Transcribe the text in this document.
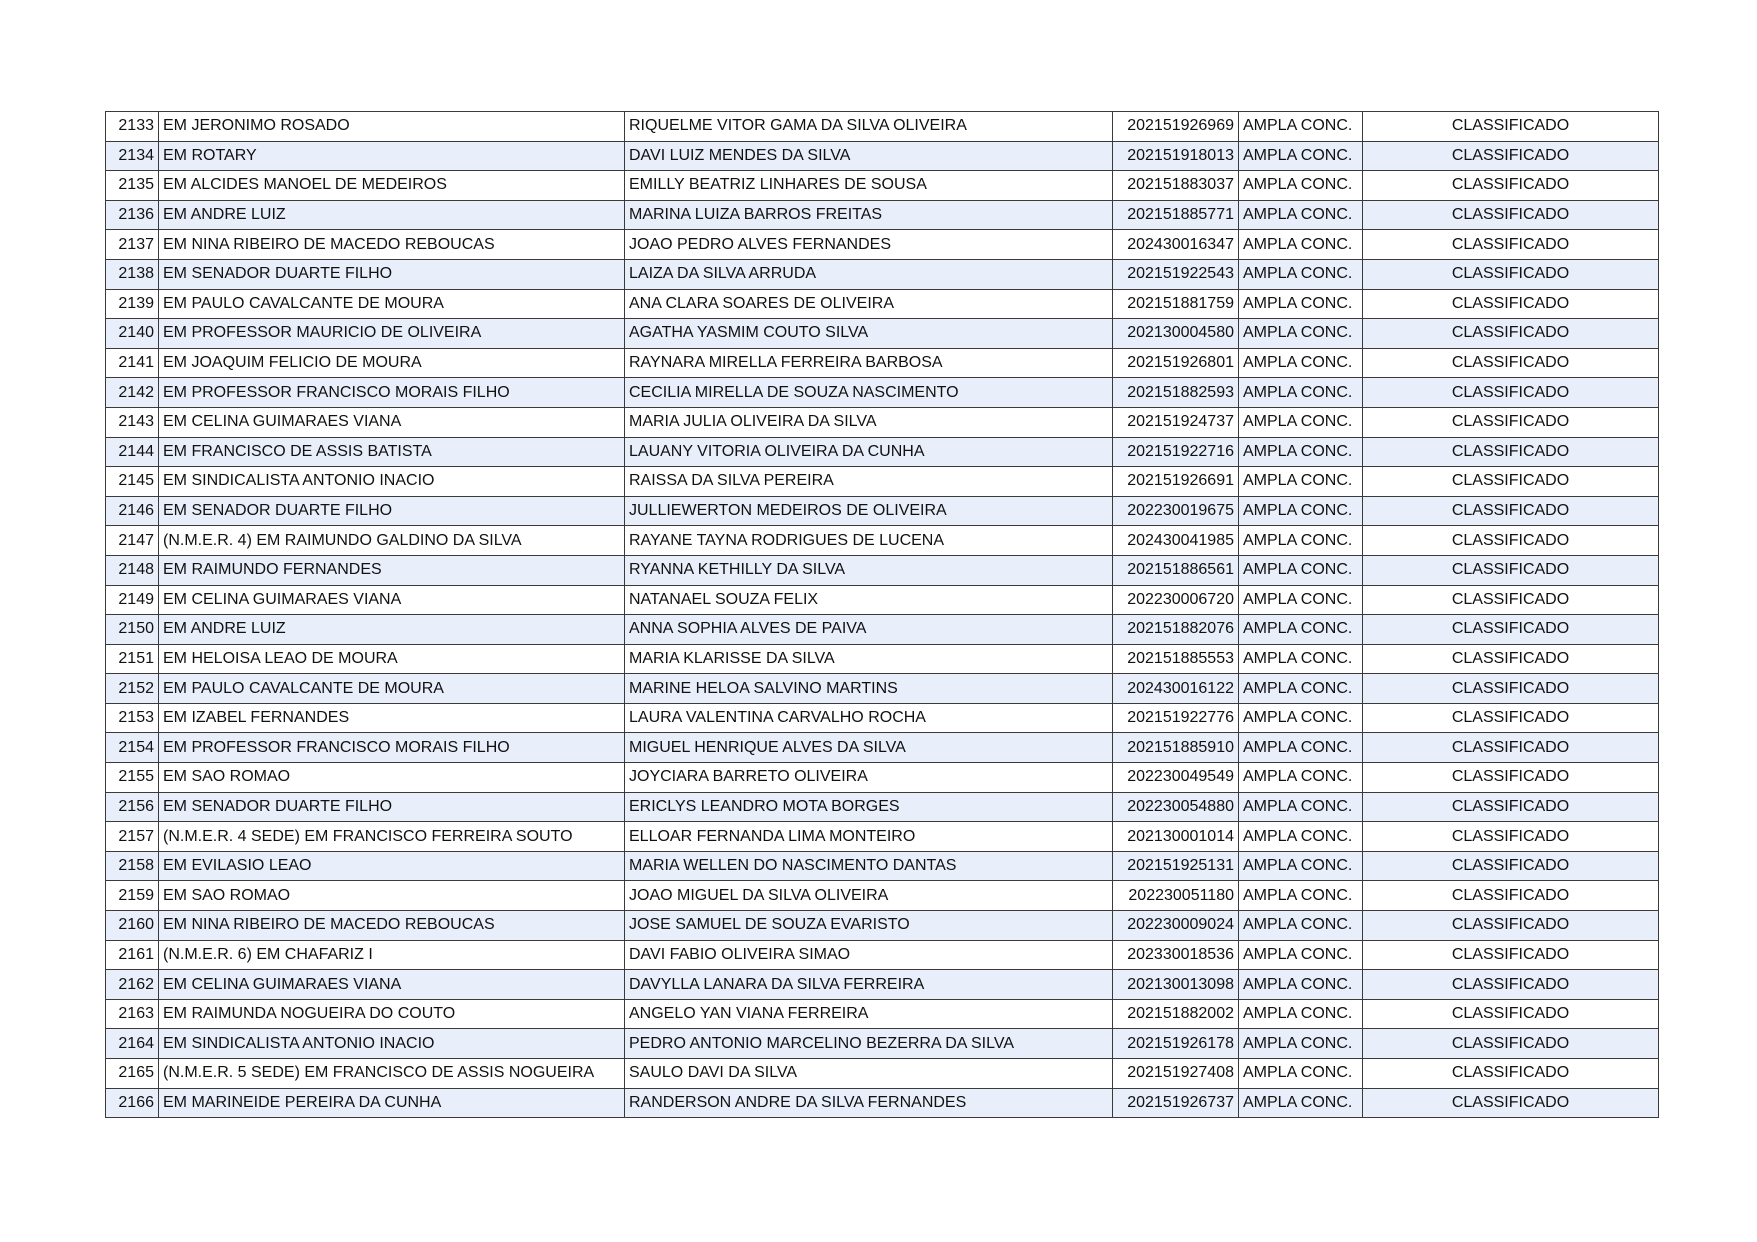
2133	EM JERONIMO ROSADO	RIQUELME VITOR GAMA DA SILVA OLIVEIRA	202151926969	AMPLA CONC.	CLASSIFICADO
2134	EM ROTARY	DAVI LUIZ MENDES DA SILVA	202151918013	AMPLA CONC.	CLASSIFICADO
2135	EM ALCIDES MANOEL DE MEDEIROS	EMILLY BEATRIZ LINHARES DE SOUSA	202151883037	AMPLA CONC.	CLASSIFICADO
2136	EM ANDRE LUIZ	MARINA LUIZA BARROS FREITAS	202151885771	AMPLA CONC.	CLASSIFICADO
2137	EM NINA RIBEIRO DE MACEDO REBOUCAS	JOAO PEDRO ALVES FERNANDES	202430016347	AMPLA CONC.	CLASSIFICADO
2138	EM SENADOR DUARTE FILHO	LAIZA DA SILVA ARRUDA	202151922543	AMPLA CONC.	CLASSIFICADO
2139	EM PAULO CAVALCANTE DE MOURA	ANA CLARA SOARES DE OLIVEIRA	202151881759	AMPLA CONC.	CLASSIFICADO
2140	EM PROFESSOR MAURICIO DE OLIVEIRA	AGATHA YASMIM COUTO SILVA	202130004580	AMPLA CONC.	CLASSIFICADO
2141	EM JOAQUIM FELICIO DE MOURA	RAYNARA MIRELLA FERREIRA BARBOSA	202151926801	AMPLA CONC.	CLASSIFICADO
2142	EM PROFESSOR FRANCISCO MORAIS FILHO	CECILIA MIRELLA DE SOUZA NASCIMENTO	202151882593	AMPLA CONC.	CLASSIFICADO
2143	EM CELINA GUIMARAES VIANA	MARIA JULIA OLIVEIRA DA SILVA	202151924737	AMPLA CONC.	CLASSIFICADO
2144	EM FRANCISCO DE ASSIS BATISTA	LAUANY VITORIA OLIVEIRA DA CUNHA	202151922716	AMPLA CONC.	CLASSIFICADO
2145	EM SINDICALISTA ANTONIO INACIO	RAISSA DA SILVA PEREIRA	202151926691	AMPLA CONC.	CLASSIFICADO
2146	EM SENADOR DUARTE FILHO	JULLIEWERTON MEDEIROS DE OLIVEIRA	202230019675	AMPLA CONC.	CLASSIFICADO
2147	(N.M.E.R. 4) EM RAIMUNDO GALDINO DA SILVA	RAYANE TAYNA RODRIGUES DE LUCENA	202430041985	AMPLA CONC.	CLASSIFICADO
2148	EM RAIMUNDO FERNANDES	RYANNA KETHILLY DA SILVA	202151886561	AMPLA CONC.	CLASSIFICADO
2149	EM CELINA GUIMARAES VIANA	NATANAEL SOUZA FELIX	202230006720	AMPLA CONC.	CLASSIFICADO
2150	EM ANDRE LUIZ	ANNA SOPHIA ALVES DE PAIVA	202151882076	AMPLA CONC.	CLASSIFICADO
2151	EM HELOISA LEAO DE MOURA	MARIA KLARISSE DA SILVA	202151885553	AMPLA CONC.	CLASSIFICADO
2152	EM PAULO CAVALCANTE DE MOURA	MARINE HELOA SALVINO MARTINS	202430016122	AMPLA CONC.	CLASSIFICADO
2153	EM IZABEL FERNANDES	LAURA VALENTINA CARVALHO ROCHA	202151922776	AMPLA CONC.	CLASSIFICADO
2154	EM PROFESSOR FRANCISCO MORAIS FILHO	MIGUEL HENRIQUE ALVES DA SILVA	202151885910	AMPLA CONC.	CLASSIFICADO
2155	EM SAO ROMAO	JOYCIARA BARRETO OLIVEIRA	202230049549	AMPLA CONC.	CLASSIFICADO
2156	EM SENADOR DUARTE FILHO	ERICLYS LEANDRO MOTA BORGES	202230054880	AMPLA CONC.	CLASSIFICADO
2157	(N.M.E.R. 4 SEDE) EM FRANCISCO FERREIRA SOUTO	ELLOAR FERNANDA LIMA MONTEIRO	202130001014	AMPLA CONC.	CLASSIFICADO
2158	EM EVILASIO LEAO	MARIA WELLEN DO NASCIMENTO DANTAS	202151925131	AMPLA CONC.	CLASSIFICADO
2159	EM SAO ROMAO	JOAO MIGUEL DA SILVA OLIVEIRA	202230051180	AMPLA CONC.	CLASSIFICADO
2160	EM NINA RIBEIRO DE MACEDO REBOUCAS	JOSE SAMUEL DE SOUZA EVARISTO	202230009024	AMPLA CONC.	CLASSIFICADO
2161	(N.M.E.R. 6) EM CHAFARIZ I	DAVI FABIO OLIVEIRA SIMAO	202330018536	AMPLA CONC.	CLASSIFICADO
2162	EM CELINA GUIMARAES VIANA	DAVYLLA LANARA DA SILVA FERREIRA	202130013098	AMPLA CONC.	CLASSIFICADO
2163	EM RAIMUNDA NOGUEIRA DO COUTO	ANGELO YAN VIANA FERREIRA	202151882002	AMPLA CONC.	CLASSIFICADO
2164	EM SINDICALISTA ANTONIO INACIO	PEDRO ANTONIO MARCELINO BEZERRA DA SILVA	202151926178	AMPLA CONC.	CLASSIFICADO
2165	(N.M.E.R. 5 SEDE) EM FRANCISCO DE ASSIS NOGUEIRA	SAULO DAVI DA SILVA	202151927408	AMPLA CONC.	CLASSIFICADO
2166	EM MARINEIDE PEREIRA DA CUNHA	RANDERSON ANDRE DA SILVA FERNANDES	202151926737	AMPLA CONC.	CLASSIFICADO
